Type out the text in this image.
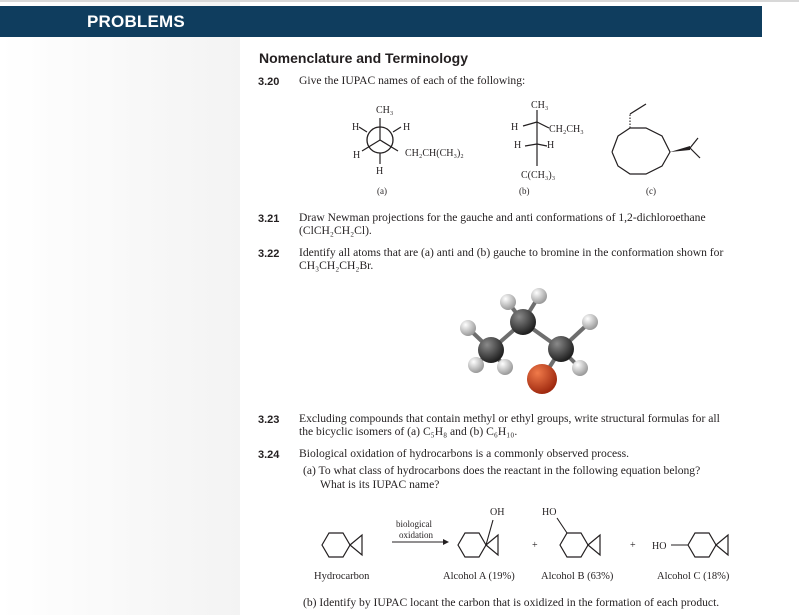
PROBLEMS
Nomenclature and Terminology
3.20 Give the IUPAC names of each of the following:
CH₃
H	H
H	CH₂CH(CH₃)₂
H
(a)
CH₃
H	CH₂CH₃
H	H
C(CH₃)₃
(b)	(c)
3.21 Draw Newman projections for the gauche and anti conformations of 1,2-dichloroethane
(ClCH₂CH₂Cl).
3.22 Identify all atoms that are (a) anti and (b) gauche to bromine in the conformation shown for
CH₃CH₂CH₂Br.
3.23 Excluding compounds that contain methyl or ethyl groups, write structural formulas for all
the bicyclic isomers of (a) C₅H₈ and (b) C₆H₁₀.
3.24 Biological oxidation of hydrocarbons is a commonly observed process.
(a) To what class of hydrocarbons does the reactant in the following equation belong?
What is its IUPAC name?
biological
oxidation
OH
+
HO
+ HO
Hydrocarbon	Alcohol A (19%)	Alcohol B (63%)	Alcohol C (18%)
(b) Identify by IUPAC locant the carbon that is oxidized in the formation of each product.
